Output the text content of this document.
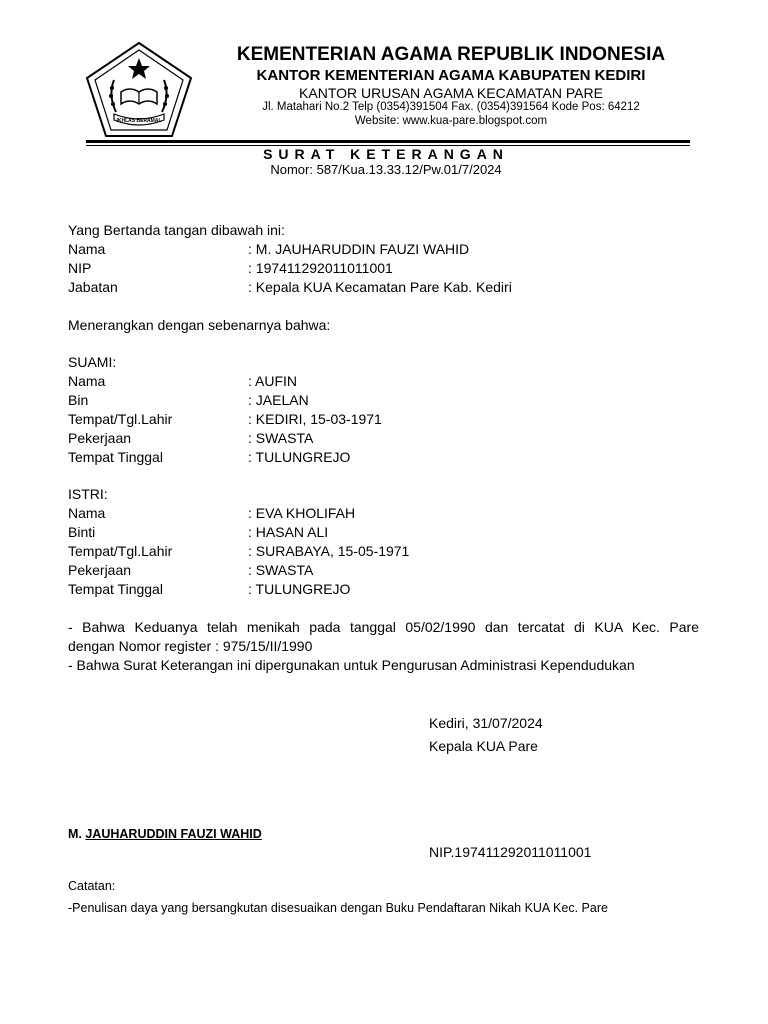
IKHLAS BERAMAL
KEMENTERIAN AGAMA REPUBLIK INDONESIA
KANTOR KEMENTERIAN AGAMA KABUPATEN KEDIRI
KANTOR URUSAN AGAMA KECAMATAN PARE
Jl. Matahari No.2 Telp (0354)391504 Fax. (0354)391564 Kode Pos: 64212
Website: www.kua-pare.blogspot.com
SURAT KETERANGAN
Nomor: 587/Kua.13.33.12/Pw.01/7/2024
Yang Bertanda tangan dibawah ini:
Nama	: M. JAUHARUDDIN FAUZI WAHID
NIP	: 197411292011011001
Jabatan	: Kepala KUA Kecamatan Pare Kab. Kediri
Menerangkan dengan sebenarnya bahwa:
SUAMI:
Nama	: AUFIN
Bin	: JAELAN
Tempat/Tgl.Lahir	: KEDIRI, 15-03-1971
Pekerjaan	: SWASTA
Tempat Tinggal	: TULUNGREJO
ISTRI:
Nama	: EVA KHOLIFAH
Binti	: HASAN ALI
Tempat/Tgl.Lahir	: SURABAYA, 15-05-1971
Pekerjaan	: SWASTA
Tempat Tinggal	: TULUNGREJO
- Bahwa Keduanya telah menikah pada tanggal 05/02/1990 dan tercatat di KUA Kec. Pare
dengan Nomor register : 975/15/II/1990
- Bahwa Surat Keterangan ini dipergunakan untuk Pengurusan Administrasi Kependudukan
Kediri, 31/07/2024
Kepala KUA Pare
M. JAUHARUDDIN FAUZI WAHID
NIP.197411292011011001
Catatan:
-Penulisan daya yang bersangkutan disesuaikan dengan Buku Pendaftaran Nikah KUA Kec. Pare
